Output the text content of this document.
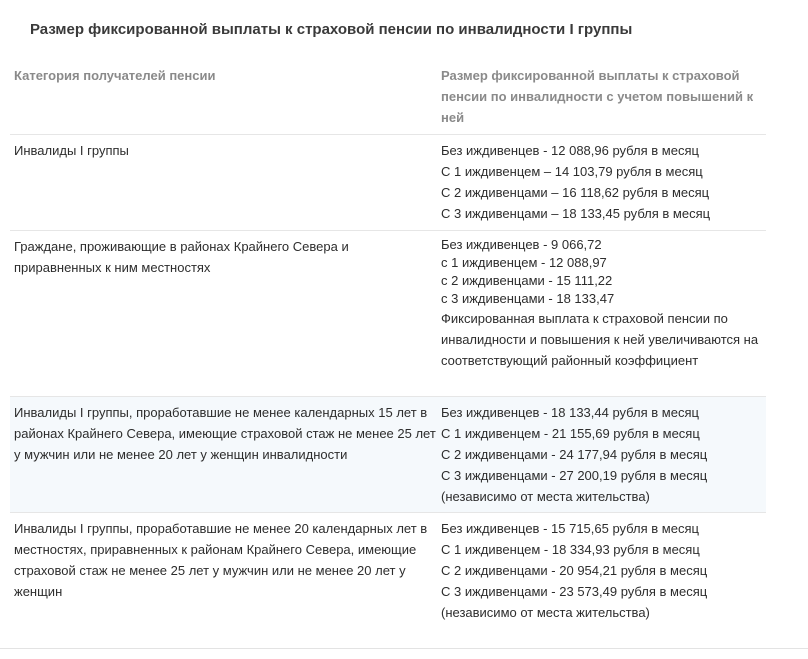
Размер фиксированной выплаты к страховой пенсии по инвалидности I группы
Категория получателей пенсии	Размер фиксированной выплаты к страховой пенсии по инвалидности с учетом повышений к ней
Инвалиды I группы	Без иждивенцев - 12 088,96 рубля в месяц
С 1 иждивенцем – 14 103,79 рубля в месяц
С 2 иждивенцами – 16 118,62 рубля в месяц
С 3 иждивенцами – 18 133,45 рубля в месяц
Граждане, проживающие в районах Крайнего Севера и приравненных к ним местностях
Без иждивенцев - 9 066,72
с 1 иждивенцем - 12 088,97
с 2 иждивенцами - 15 111,22
с 3 иждивенцами - 18 133,47
Фиксированная выплата к страховой пенсии по инвалидности и повышения к ней увеличиваются на соответствующий районный коэффициент
Инвалиды I группы, проработавшие не менее календарных 15 лет в районах Крайнего Севера, имеющие страховой стаж не менее 25 лет у мужчин или не менее 20 лет у женщин инвалидности
Без иждивенцев - 18 133,44 рубля в месяц
С 1 иждивенцем - 21 155,69 рубля в месяц
С 2 иждивенцами - 24 177,94 рубля в месяц
С 3 иждивенцами - 27 200,19 рубля в месяц
(независимо от места жительства)
Инвалиды I группы, проработавшие не менее 20 календарных лет в местностях, приравненных к районам Крайнего Севера, имеющие страховой стаж не менее 25 лет у мужчин или не менее 20 лет у женщин
Без иждивенцев - 15 715,65 рубля в месяц
С 1 иждивенцем - 18 334,93 рубля в месяц
С 2 иждивенцами - 20 954,21 рубля в месяц
С 3 иждивенцами - 23 573,49 рубля в месяц
(независимо от места жительства)
